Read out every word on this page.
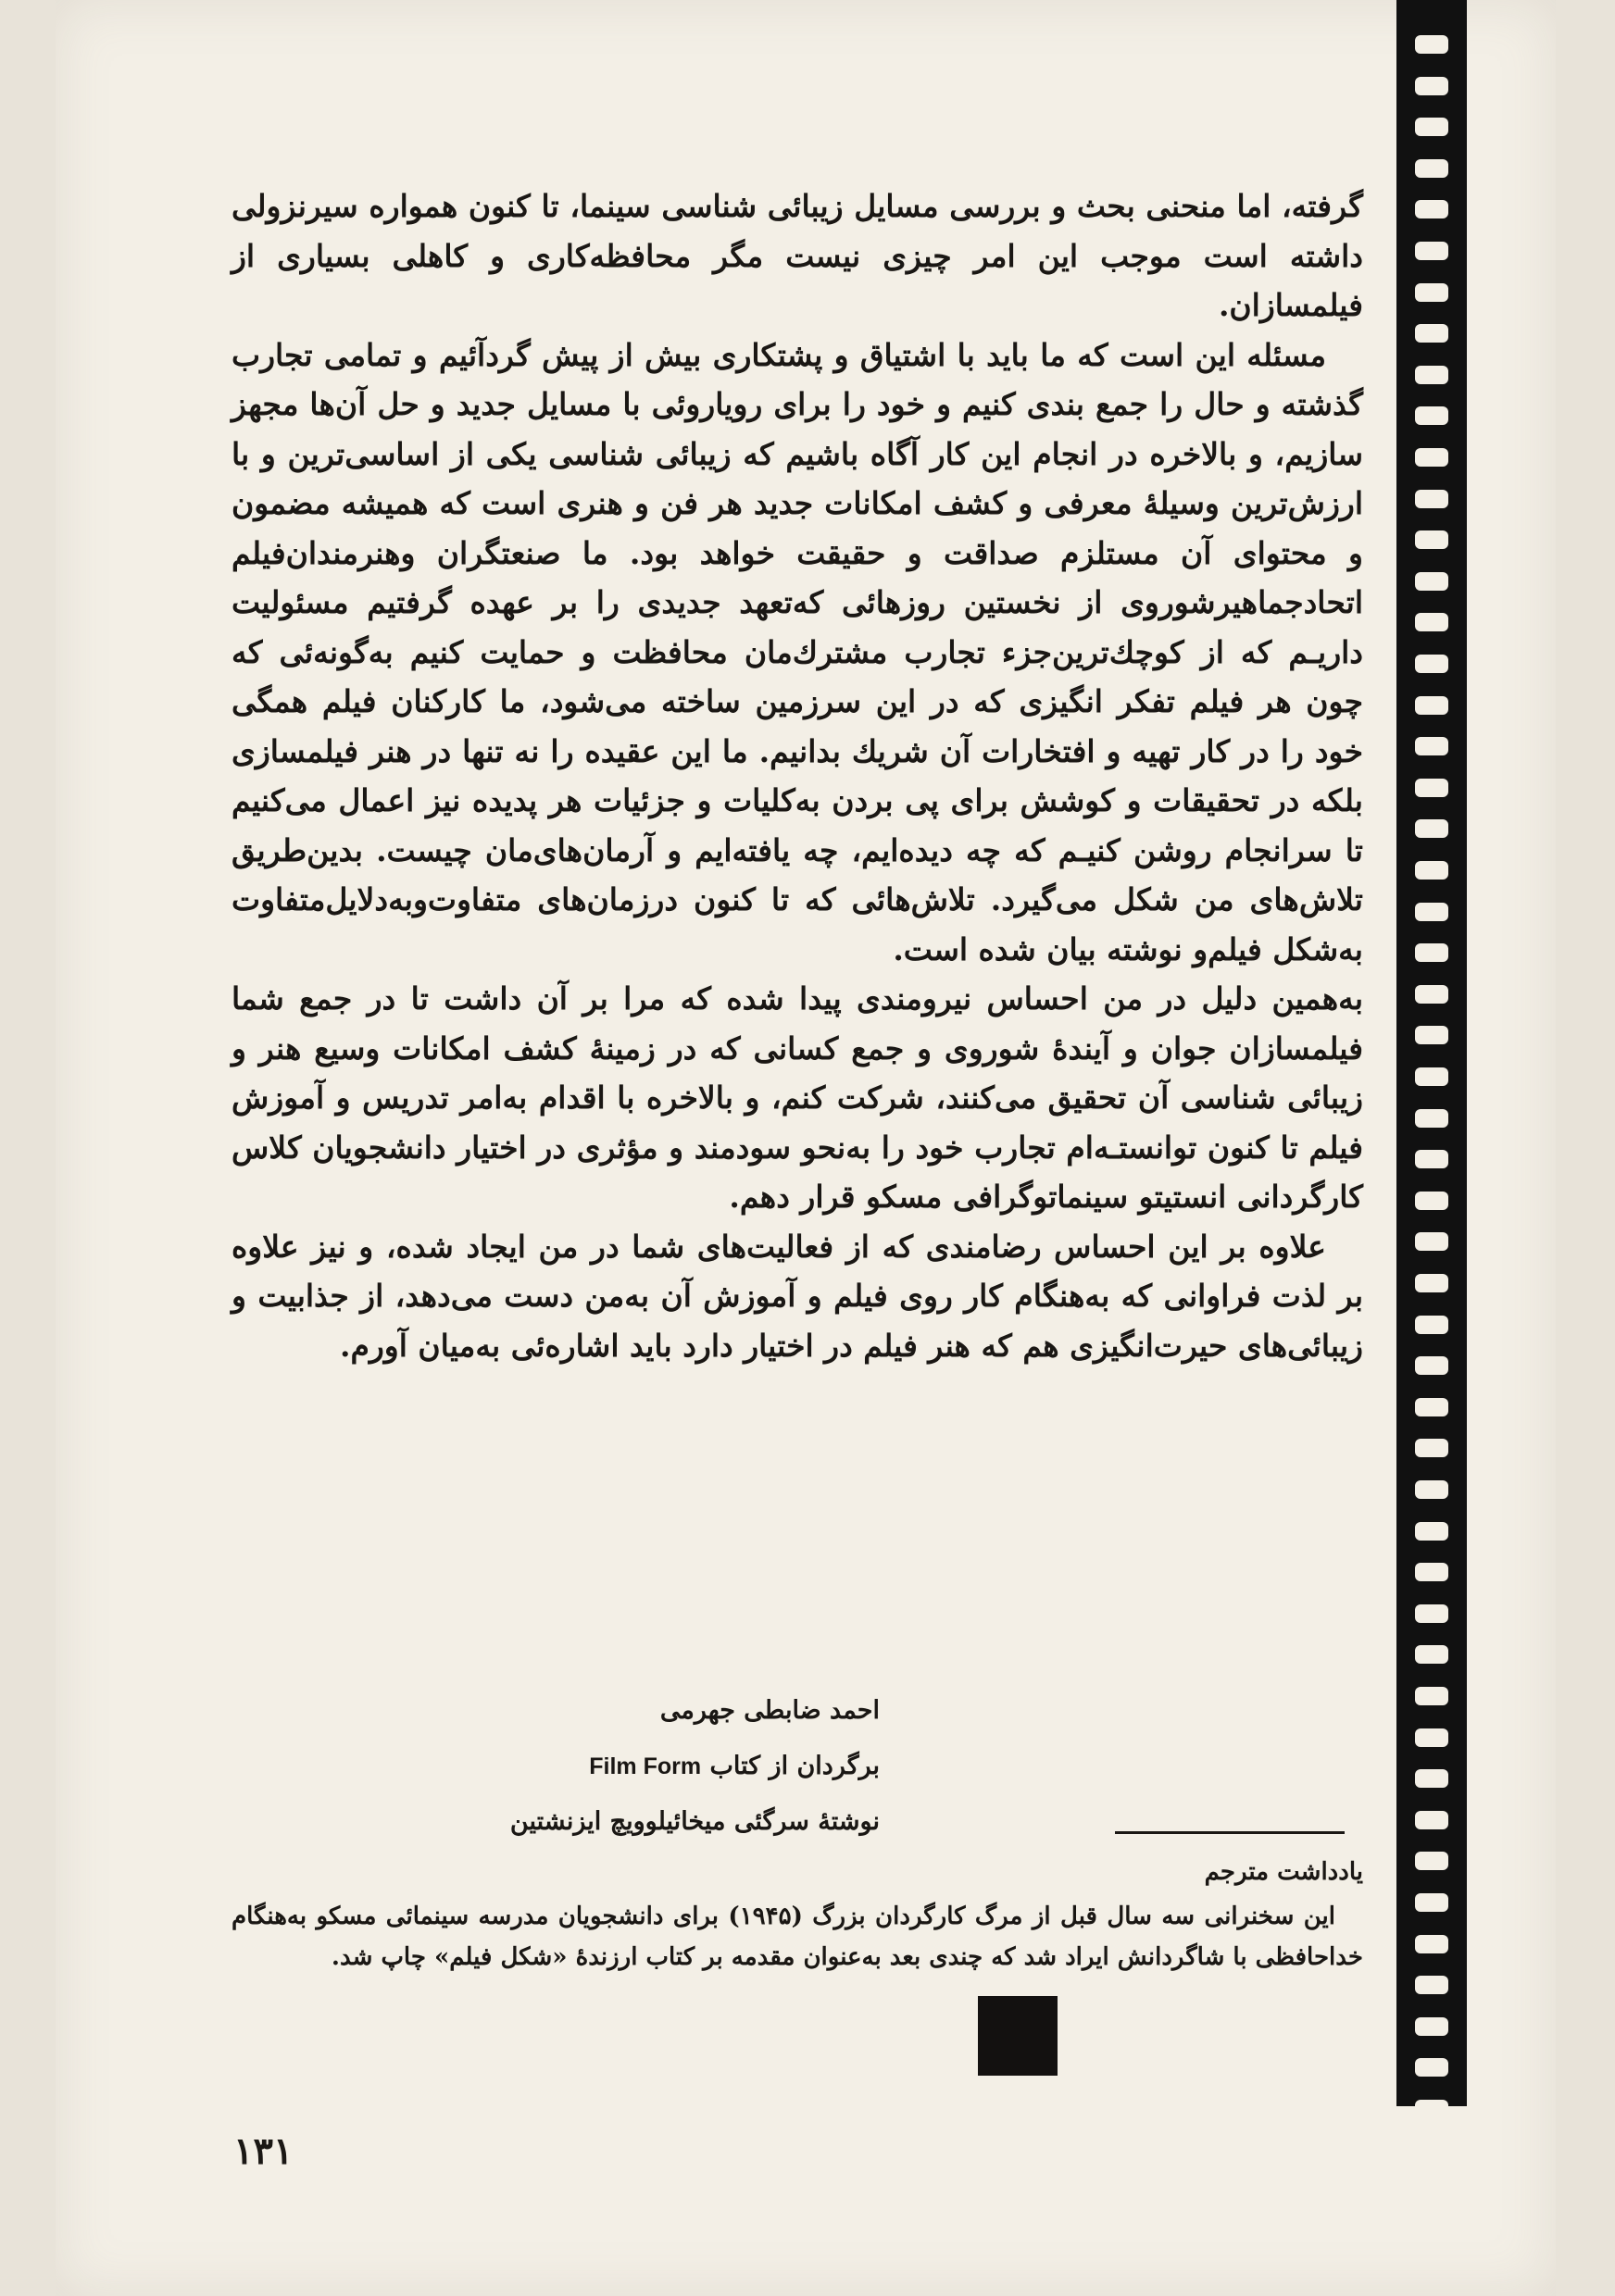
گرفته، اما منحنی بحث و بررسی مسایل زیبائی شناسی سینما، تا کنون همواره سیرنزولی داشته است موجب این امر چیزی نیست مگر محافظه‌کاری و کاهلی بسیاری از فیلمسازان.

مسئله این است که ما باید با اشتیاق و پشتکاری بیش از پیش گردآئیم و تمامی تجارب گذشته و حال را جمع بندی کنیم و خود را برای رویاروئی با مسایل جدید و حل آن‌ها مجهز سازیم، و بالاخره در انجام این کار آگاه باشیم که زیبائی شناسی یکی از اساسی‌ترین و با ارزش‌ترین وسیلهٔ معرفی و کشف امکانات جدید هر فن و هنری است که همیشه مضمون و محتوای آن مستلزم صداقت و حقیقت خواهد بود. ما صنعتگران وهنرمندان‌فیلم اتحادجماهیرشوروی از نخستین روزهائی که‌تعهد جدیدی را بر عهده گرفتیم مسئولیت داریـم که از کوچك‌ترین‌جزء تجارب مشترك‌مان محافظت و حمایت کنیم به‌گونه‌ئی که چون هر فیلم تفکر انگیزی که در این سرزمین ساخته می‌شود، ما کارکنان فیلم همگی خود را در کار تهیه و افتخارات آن شریك بدانیم. ما این عقیده را نه تنها در هنر فیلمسازی بلکه در تحقیقات و کوشش برای پی بردن به‌کلیات و جزئیات هر پدیده نیز اعمال می‌کنیم تا سرانجام روشن کنیـم که چه دیده‌ایم، چه یافته‌ایم و آرمان‌های‌مان چیست. بدین‌طریق تلاش‌های من شکل می‌گیرد. تلاش‌هائی که تا کنون درزمان‌های متفاوت‌وبه‌دلایل‌متفاوت به‌شکل فیلم‌و نوشته بیان شده است.

به‌همین دلیل در من احساس نیرومندی پیدا شده که مرا بر آن داشت تا در جمع شما فیلمسازان جوان و آیندهٔ شوروی و جمع کسانی که در زمینهٔ کشف امکانات وسیع هنر و زیبائی شناسی آن تحقیق می‌کنند، شرکت کنم، و بالاخره با اقدام به‌امر تدریس و آموزش فیلم تا کنون توانستـه‌ام تجارب خود را به‌نحو سودمند و مؤثری در اختیار دانشجویان کلاس کارگردانی انستیتو سینماتوگرافی مسکو قرار دهم.

علاوه بر این احساس رضامندی که از فعالیت‌های شما در من ایجاد شده، و نیز علاوه بر لذت فراوانی که به‌هنگام کار روی فیلم و آموزش آن به‌من دست می‌دهد، از جذابیت و زیبائی‌های حیرت‌انگیزی هم که هنر فیلم در اختیار دارد باید اشاره‌ئی به‌میان آورم.

احمد ضابطی جهرمی
برگردان از کتاب Film Form
نوشتهٔ سرگئی میخائیلوویچ ایزنشتین

یادداشت مترجم

این سخنرانی سه سال قبل از مرگ کارگردان بزرگ (۱۹۴۵) برای دانشجویان مدرسه سینمائی مسکو به‌هنگام خداحافظی با شاگردانش ایراد شد که چندی بعد به‌عنوان مقدمه بر کتاب ارزندهٔ «شکل فیلم» چاپ شد.

۱۳۱
